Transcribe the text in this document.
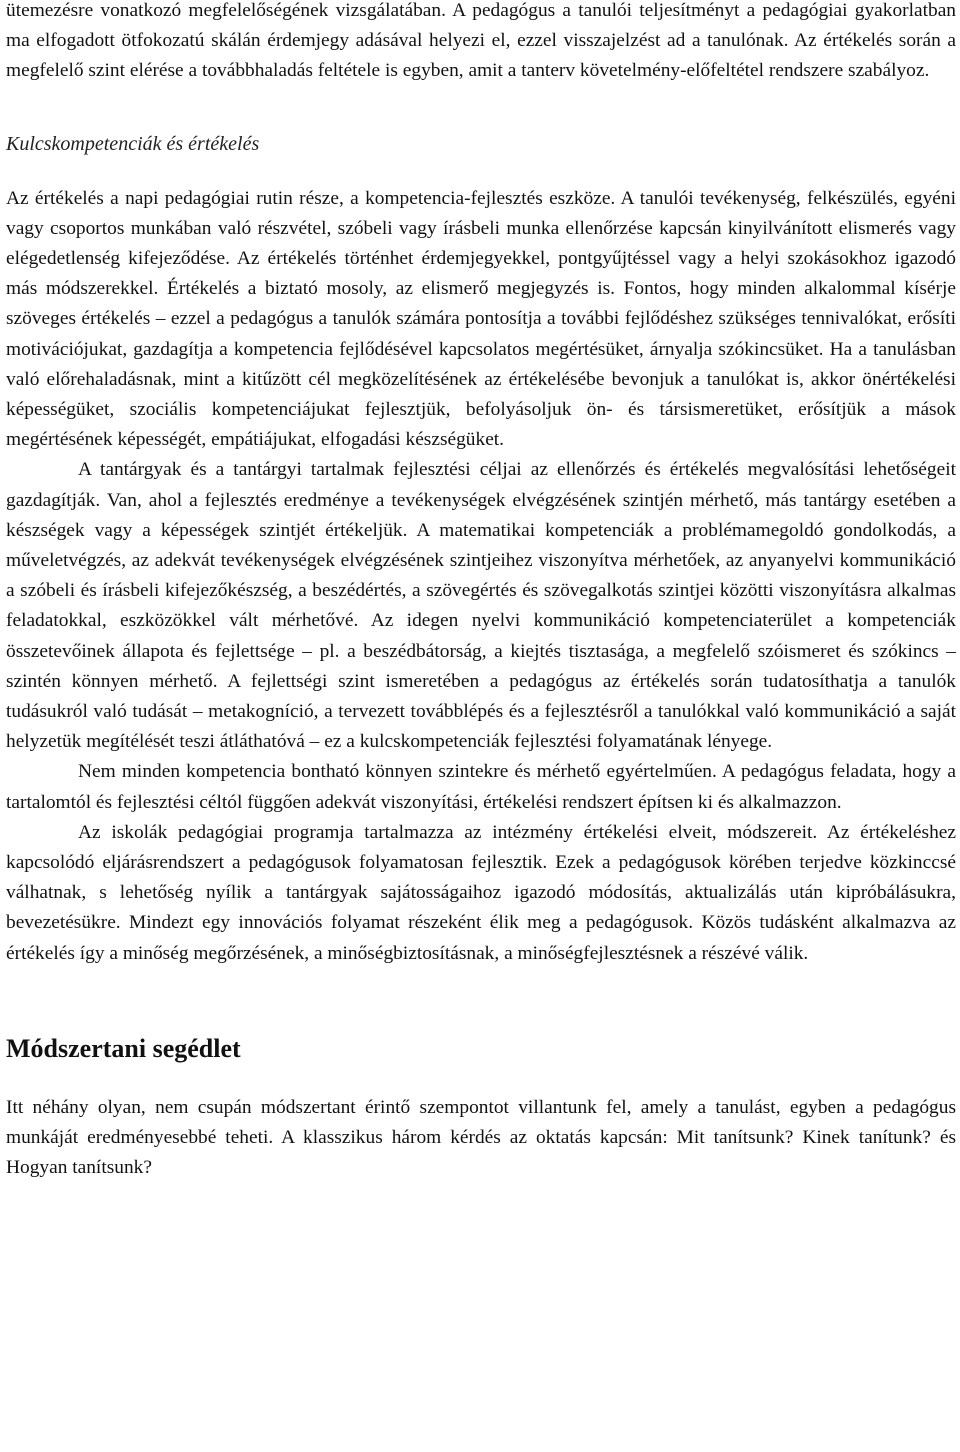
ütemezésre vonatkozó megfelelőségének vizsgálatában. A pedagógus a tanulói teljesítményt a pedagógiai gyakorlatban ma elfogadott ötfokozatú skálán érdemjegy adásával helyezi el, ezzel visszajelzést ad a tanulónak. Az értékelés során a megfelelő szint elérése a továbbhaladás feltétele is egyben, amit a tanterv követelmény-előfeltétel rendszere szabályoz.

Kulcskompetenciák és értékelés

Az értékelés a napi pedagógiai rutin része, a kompetencia-fejlesztés eszköze. A tanulói tevékenység, felkészülés, egyéni vagy csoportos munkában való részvétel, szóbeli vagy írásbeli munka ellenőrzése kapcsán kinyilvánított elismerés vagy elégedetlenség kifejeződése. Az értékelés történhet érdemjegyekkel, pontgyűjtéssel vagy a helyi szokásokhoz igazodó más módszerekkel. Értékelés a biztató mosoly, az elismerő megjegyzés is. Fontos, hogy minden alkalommal kísérje szöveges értékelés – ezzel a pedagógus a tanulók számára pontosítja a további fejlődéshez szükséges tennivalókat, erősíti motivációjukat, gazdagítja a kompetencia fejlődésével kapcsolatos megértésüket, árnyalja szókincsüket. Ha a tanulásban való előrehaladásnak, mint a kitűzött cél megközelítésének az értékelésébe bevonjuk a tanulókat is, akkor önértékelési képességüket, szociális kompetenciájukat fejlesztjük, befolyásoljuk ön- és társismeretüket, erősítjük a mások megértésének képességét, empátiájukat, elfogadási készségüket.

A tantárgyak és a tantárgyi tartalmak fejlesztési céljai az ellenőrzés és értékelés megvalósítási lehetőségeit gazdagítják. Van, ahol a fejlesztés eredménye a tevékenységek elvégzésének szintjén mérhető, más tantárgy esetében a készségek vagy a képességek szintjét értékeljük. A matematikai kompetenciák a problémamegoldó gondolkodás, a műveletvégzés, az adekvát tevékenységek elvégzésének szintjeihez viszonyítva mérhetőek, az anyanyelvi kommunikáció a szóbeli és írásbeli kifejezőkészség, a beszédértés, a szövegértés és szövegalkotás szintjei közötti viszonyításra alkalmas feladatokkal, eszközökkel vált mérhetővé. Az idegen nyelvi kommunikáció kompetenciaterület a kompetenciák összetevőinek állapota és fejlettsége – pl. a beszédbátorság, a kiejtés tisztasága, a megfelelő szóismeret és szókincs – szintén könnyen mérhető. A fejlettségi szint ismeretében a pedagógus az értékelés során tudatosíthatja a tanulók tudásukról való tudását – metakogníció, a tervezett továbblépés és a fejlesztésről a tanulókkal való kommunikáció a saját helyzetük megítélését teszi átláthatóvá – ez a kulcskompetenciák fejlesztési folyamatának lényege.

Nem minden kompetencia bontható könnyen szintekre és mérhető egyértelműen. A pedagógus feladata, hogy a tartalomtól és fejlesztési céltól függően adekvát viszonyítási, értékelési rendszert építsen ki és alkalmazzon.

Az iskolák pedagógiai programja tartalmazza az intézmény értékelési elveit, módszereit. Az értékeléshez kapcsolódó eljárásrendszert a pedagógusok folyamatosan fejlesztik. Ezek a pedagógusok körében terjedve közkinccsé válhatnak, s lehetőség nyílik a tantárgyak sajátosságaihoz igazodó módosítás, aktualizálás után kipróbálásukra, bevezetésükre. Mindezt egy innovációs folyamat részeként élik meg a pedagógusok. Közös tudásként alkalmazva az értékelés így a minőség megőrzésének, a minőségbiztosításnak, a minőségfejlesztésnek a részévé válik.

Módszertani segédlet

Itt néhány olyan, nem csupán módszertant érintő szempontot villantunk fel, amely a tanulást, egyben a pedagógus munkáját eredményesebbé teheti. A klasszikus három kérdés az oktatás kapcsán: Mit tanítsunk? Kinek tanítunk? és Hogyan tanítsunk?
